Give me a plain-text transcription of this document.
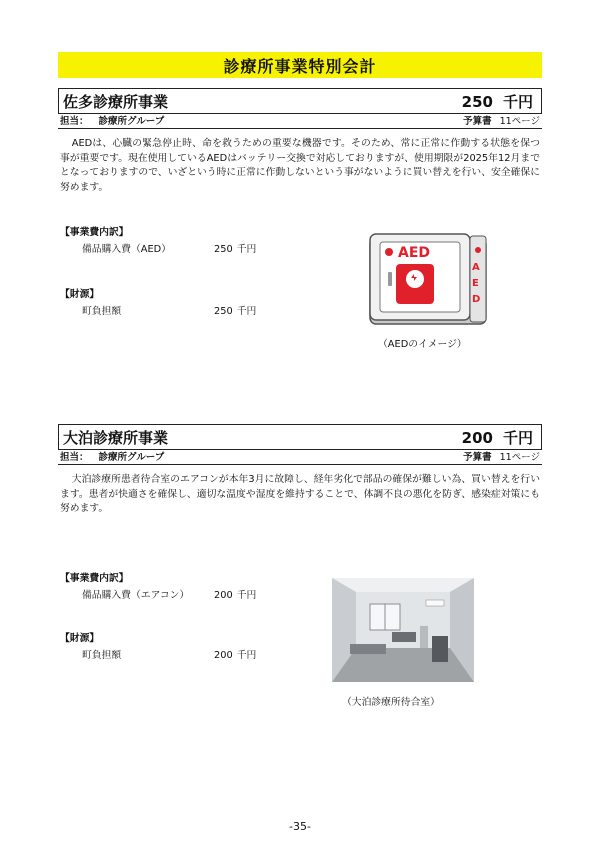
診療所事業特別会計
佐多診療所事業	250 千円
担当： 診療所グループ	予算書 11ページ

AEDは、心臓の緊急停止時、命を救うための重要な機器です。そのため、常に正常に作動する状態を保つ事が重要です。現在使用しているAEDはバッテリー交換で対応しておりますが、使用期限が2025年12月までとなっておりますので、いざという時に正常に作動しないという事がないように買い替えを行い、安全確保に努めます。

【事業費内訳】
備品購入費（AED）	250 千円
【財源】
町負担額	250 千円
AED
A
E
D
（AEDのイメージ）
大泊診療所事業	200 千円
担当： 診療所グループ	予算書 11ページ

大泊診療所患者待合室のエアコンが本年3月に故障し、経年劣化で部品の確保が難しい為、買い替えを行います。患者が快適さを確保し、適切な温度や湿度を維持することで、体調不良の悪化を防ぎ、感染症対策にも努めます。

【事業費内訳】
備品購入費（エアコン）	200 千円
【財源】
町負担額	200 千円
（大泊診療所待合室）
-35-
